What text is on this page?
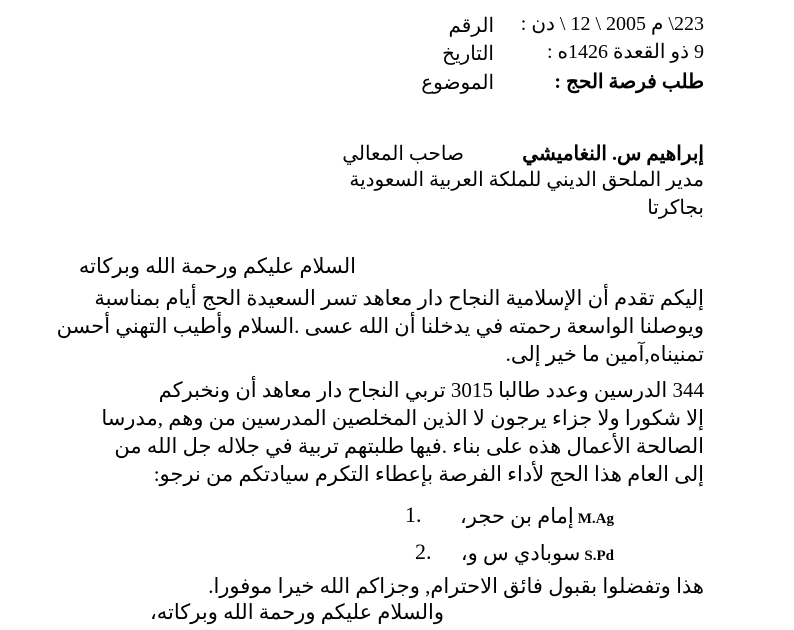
الرقم 223\ م 2005 \ 12 \ دن :
التاريخ	9 ذو القعدة 1426ه :
الموضوع	طلب فرصة الحج :
صاحب المعالي	إبراهيم س. النغاميشي
مدير الملحق الديني للملكة العربية السعودية
بجاكرتا
السلام عليكم ورحمة الله وبركاته
إليكم تقدم أن الإسلامية النجاح دار معاهد تسر السعيدة الحج أيام بمناسبة
ويوصلنا الواسعة رحمته في يدخلنا أن الله عسى .السلام وأطيب التهني أحسن
تمنيناه,آمين ما خير إلى.
344 الدرسين وعدد طالبا 3015 تربي النجاح دار معاهد أن ونخبركم
إلا شكورا ولا جزاء يرجون لا الذين المخلصين المدرسين من وهم ,مدرسا
الصالحة الأعمال هذه على بناء .فيها طلبتهم تربية في جلاله جل الله من
إلى العام هذا الحج لأداء الفرصة بإعطاء التكرم سيادتكم من نرجو:
M.Ag إمام بن حجر،
1.
S.Pd سوبادي س و،
2.
هذا وتفضلوا بقبول فائق الاحترام, وجزاكم الله خيرا موفورا.
والسلام عليكم ورحمة الله وبركاته،
